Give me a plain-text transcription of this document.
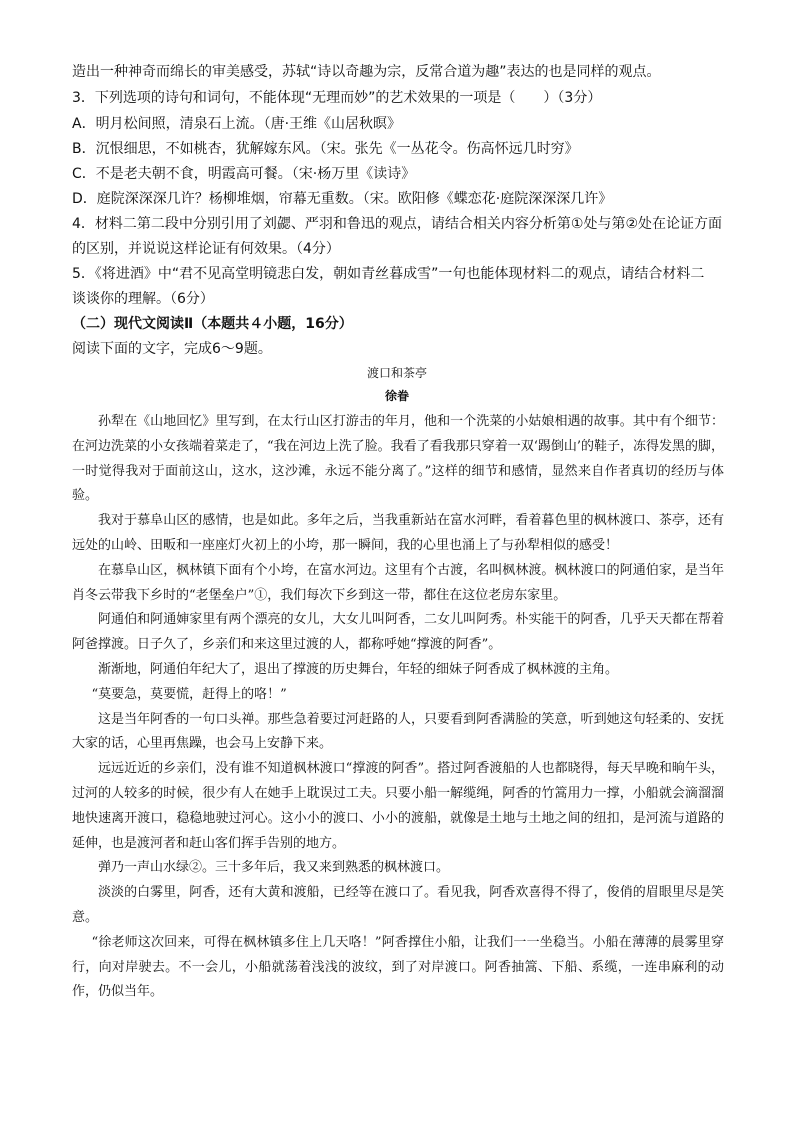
造出一种神奇而绵长的审美感受，苏轼“诗以奇趣为宗，反常合道为趣”表达的也是同样的观点。
3．下列选项的诗句和词句，不能体现“无理而妙”的艺术效果的一项是（　　）（3分）
A．明月松间照，清泉石上流。（唐·王维《山居秋暝》
B．沉恨细思，不如桃杏，犹解嫁东风。（宋。张先《一丛花令。伤高怀远几时穷》
C．不是老夫朝不食，明霞高可餐。（宋·杨万里《读诗》
D．庭院深深深几许？杨柳堆烟，帘幕无重数。（宋。欧阳修《蝶恋花·庭院深深深几许》
4．材料二第二段中分别引用了刘勰、严羽和鲁迅的观点，请结合相关内容分析第①处与第②处在论证方面
的区别，并说说这样论证有何效果。（4分）
5．《将进酒》中“君不见高堂明镜悲白发，朝如青丝暮成雪”一句也能体现材料二的观点，请结合材料二
谈谈你的理解。（6分）
（二）现代文阅读Ⅱ（本题共４小题，16分）
阅读下面的文字，完成6～9题。
渡口和茶亭
徐眷

孙犁在《山地回忆》里写到，在太行山区打游击的年月，他和一个洗菜的小姑娘相遇的故事。其中有个细节：在河边洗菜的小女孩端着菜走了，“我在河边上洗了脸。我看了看我那只穿着一双‘踢倒山’的鞋子，冻得发黑的脚，一时觉得我对于面前这山，这水，这沙滩，永远不能分离了。”这样的细节和感情，显然来自作者真切的经历与体验。

我对于慕阜山区的感情，也是如此。多年之后，当我重新站在富水河畔，看着暮色里的枫林渡口、茶亭，还有远处的山岭、田畈和一座座灯火初上的小垮，那一瞬间，我的心里也涌上了与孙犁相似的感受！

在慕阜山区，枫林镇下面有个小垮，在富水河边。这里有个古渡，名叫枫林渡。枫林渡口的阿通伯家，是当年肖冬云带我下乡时的“老堡垒户”①，我们每次下乡到这一带，都住在这位老房东家里。

阿通伯和阿通婶家里有两个漂亮的女儿，大女儿叫阿香，二女儿叫阿秀。朴实能干的阿香，几乎天天都在帮着阿爸撑渡。日子久了，乡亲们和来这里过渡的人，都称呼她“撑渡的阿香”。

渐渐地，阿通伯年纪大了，退出了撑渡的历史舞台，年轻的细妹子阿香成了枫林渡的主角。

“莫要急，莫要慌，赶得上的咯！”

这是当年阿香的一句口头禅。那些急着要过河赶路的人，只要看到阿香满脸的笑意，听到她这句轻柔的、安抚大家的话，心里再焦躁，也会马上安静下来。

远远近近的乡亲们，没有谁不知道枫林渡口“撑渡的阿香”。搭过阿香渡船的人也都晓得，每天早晚和晌午头，过河的人较多的时候，很少有人在她手上耽误过工夫。只要小船一解缆绳，阿香的竹篙用力一撑，小船就会滴溜溜地快速离开渡口，稳稳地驶过河心。这小小的渡口、小小的渡船，就像是土地与土地之间的纽扣，是河流与道路的延伸，也是渡河者和赶山客们挥手告别的地方。

弹乃一声山水绿②。三十多年后，我又来到熟悉的枫林渡口。

淡淡的白雾里，阿香，还有大黄和渡船，已经等在渡口了。看见我，阿香欢喜得不得了，俊俏的眉眼里尽是笑意。

“徐老师这次回来，可得在枫林镇多住上几天咯！”阿香撑住小船，让我们一一坐稳当。小船在薄薄的晨雾里穿行，向对岸驶去。不一会儿，小船就荡着浅浅的波纹，到了对岸渡口。阿香抽篙、下船、系缆，一连串麻利的动作，仍似当年。
